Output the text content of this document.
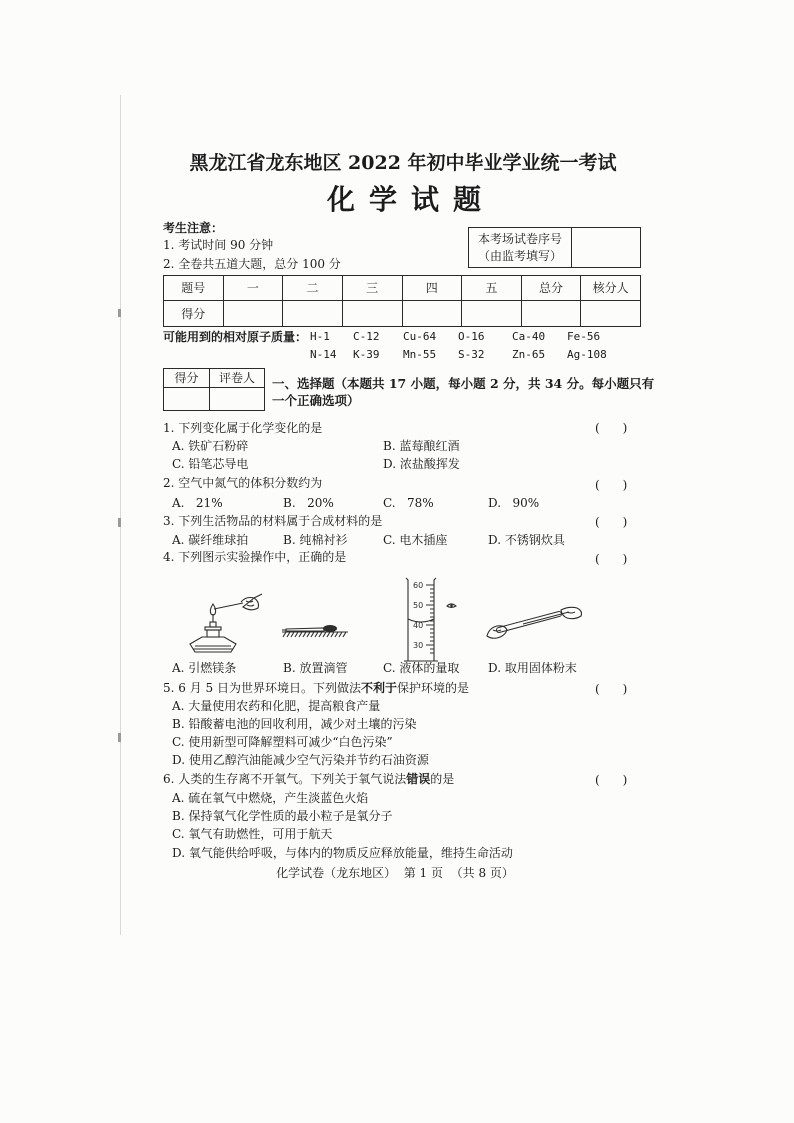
黑龙江省龙东地区 2022 年初中毕业学业统一考试
化学试题
考生注意：
1. 考试时间 90 分钟
2. 全卷共五道大题，总分 100 分
本考场试卷序号
（由监考填写）

题号	一	二	三	四	五	总分	核分人
得分							
可能用到的相对原子质量： H-1 C-12 Cu-64 O-16	Ca-40 Fe-56
N-14 K-39 Mn-55 S-32	Zn-65 Ag-108
得分	评卷人
	一、选择题（本题共 17 小题，每小题 2 分，共 34 分。每小题只有
一个正确选项）
1. 下列变化属于化学变化的是	(      )
A. 铁矿石粉碎	B. 蓝莓酿红酒
C. 铅笔芯导电	D. 浓盐酸挥发
2. 空气中氮气的体积分数约为	(      )
A.   21%	B.   20%	C.   78%	D.   90%
3. 下列生活物品的材料属于合成材料的是	(      )
A. 碳纤维球拍	B. 纯棉衬衫	C. 电木插座	D. 不锈钢炊具
4. 下列图示实验操作中，正确的是	(      )
60
50
40
30
A. 引燃镁条	B. 放置滴管	C. 液体的量取 D. 取用固体粉末
5. 6 月 5 日为世界环境日。下列做法不利于保护环境的是	(      )
A. 大量使用农药和化肥，提高粮食产量
B. 铅酸蓄电池的回收利用，减少对土壤的污染
C. 使用新型可降解塑料可减少“白色污染”
D. 使用乙醇汽油能减少空气污染并节约石油资源
6. 人类的生存离不开氧气。下列关于氧气说法错误的是	(      )
A. 硫在氧气中燃烧，产生淡蓝色火焰
B. 保持氧气化学性质的最小粒子是氧分子
C. 氧气有助燃性，可用于航天
D. 氧气能供给呼吸，与体内的物质反应释放能量，维持生命活动
化学试卷（龙东地区）  第 1 页  （共 8 页）
